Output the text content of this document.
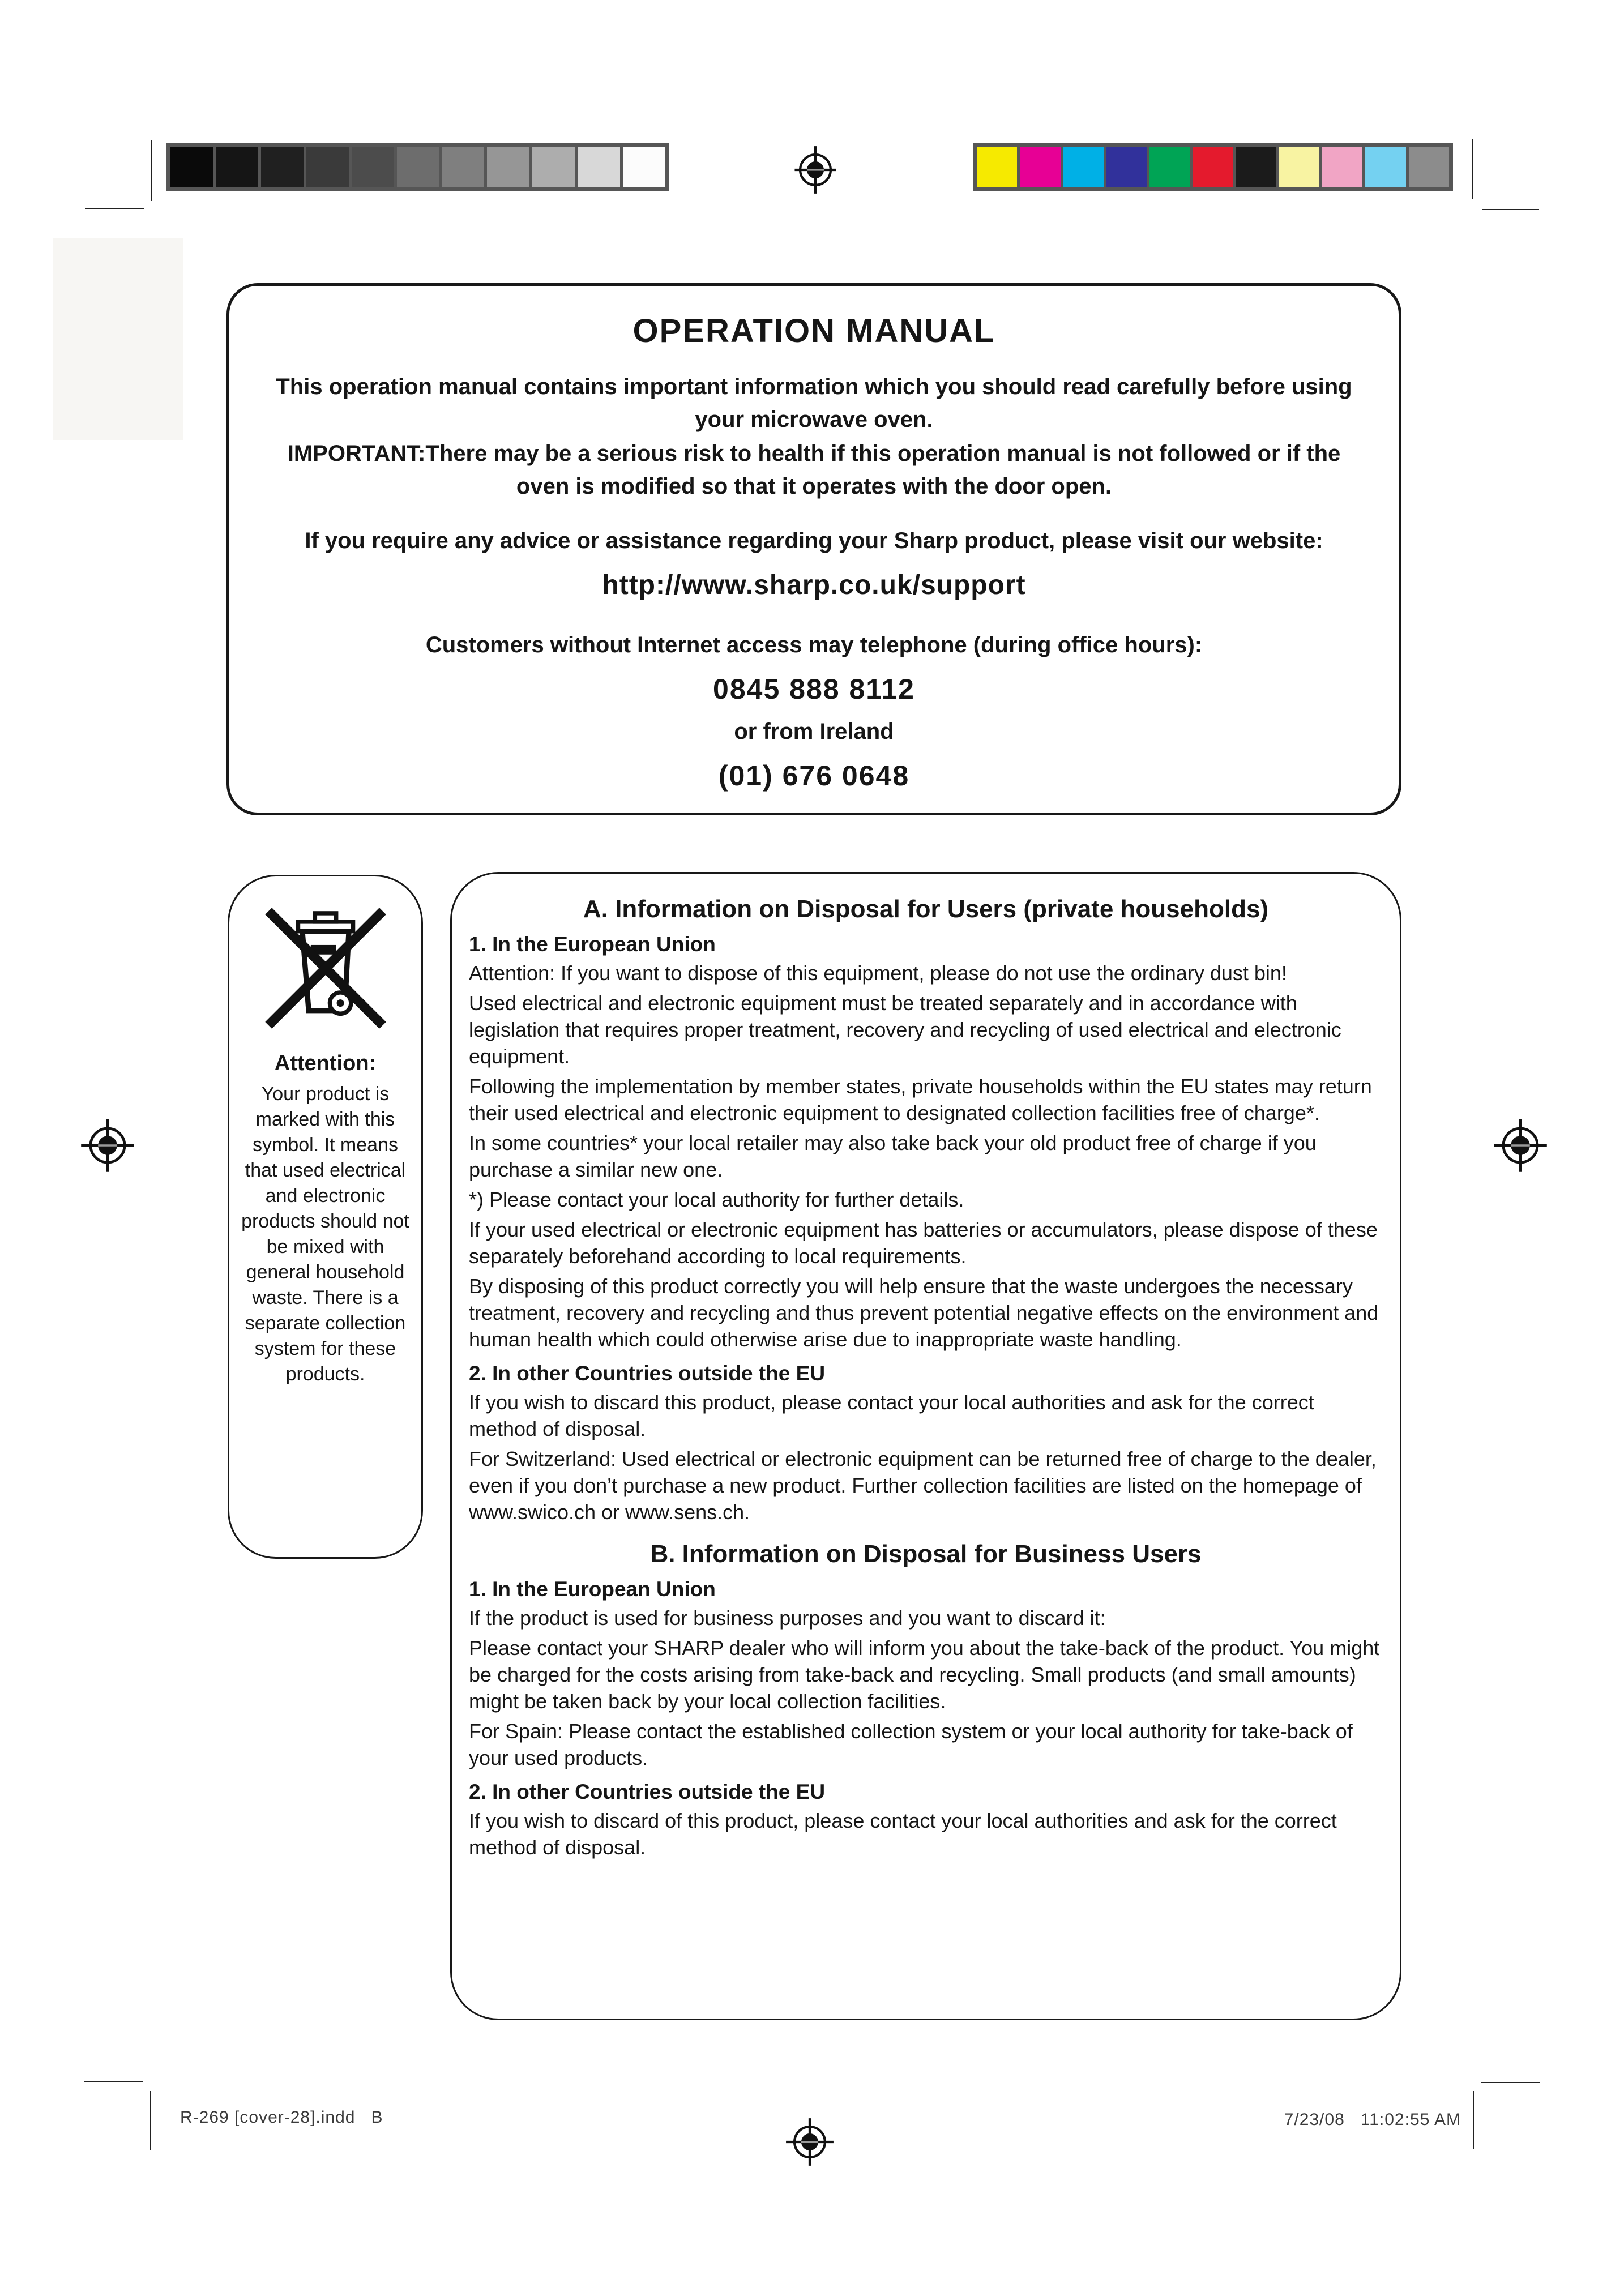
OPERATION MANUAL

This operation manual contains important information which you should read carefully before using your microwave oven.

IMPORTANT:There may be a serious risk to health if this operation manual is not followed or if the oven is modified so that it operates with the door open.

If you require any advice or assistance regarding your Sharp product, please visit our website:

http://www.sharp.co.uk/support

Customers without Internet access may telephone (during office hours):

0845 888 8112
or from Ireland
(01) 676 0648

Attention:

Your product is marked with this symbol. It means that used electrical and electronic products should not be mixed with general household waste. There is a separate collection system for these products.

A. Information on Disposal for Users (private households)
1. In the European Union

Attention: If you want to dispose of this equipment, please do not use the ordinary dust bin!

Used electrical and electronic equipment must be treated separately and in accordance with legislation that requires proper treatment, recovery and recycling of used electrical and electronic equipment.

Following the implementation by member states, private households within the EU states may return their used electrical and electronic equipment to designated collection facilities free of charge*.

In some countries* your local retailer may also take back your old product free of charge if you purchase a similar new one.

*) Please contact your local authority for further details.

If your used electrical or electronic equipment has batteries or accumulators, please dispose of these separately beforehand according to local requirements.

By disposing of this product correctly you will help ensure that the waste undergoes the necessary treatment, recovery and recycling and thus prevent potential negative effects on the environment and human health which could otherwise arise due to inappropriate waste handling.

2. In other Countries outside the EU

If you wish to discard this product, please contact your local authorities and ask for the correct method of disposal.

For Switzerland: Used electrical or electronic equipment can be returned free of charge to the dealer, even if you don’t purchase a new product. Further collection facilities are listed on the homepage of www.swico.ch or www.sens.ch.

B. Information on Disposal for Business Users
1. In the European Union

If the product is used for business purposes and you want to discard it:

Please contact your SHARP dealer who will inform you about the take-back of the product. You might be charged for the costs arising from take-back and recycling. Small products (and small amounts) might be taken back by your local collection facilities.

For Spain: Please contact the established collection system or your local authority for take-back of your used products.

2. In other Countries outside the EU

If you wish to discard of this product, please contact your local authorities and ask for the correct method of disposal.

R-269 [cover-28].indd   B	7/23/08   11:02:55 AM
